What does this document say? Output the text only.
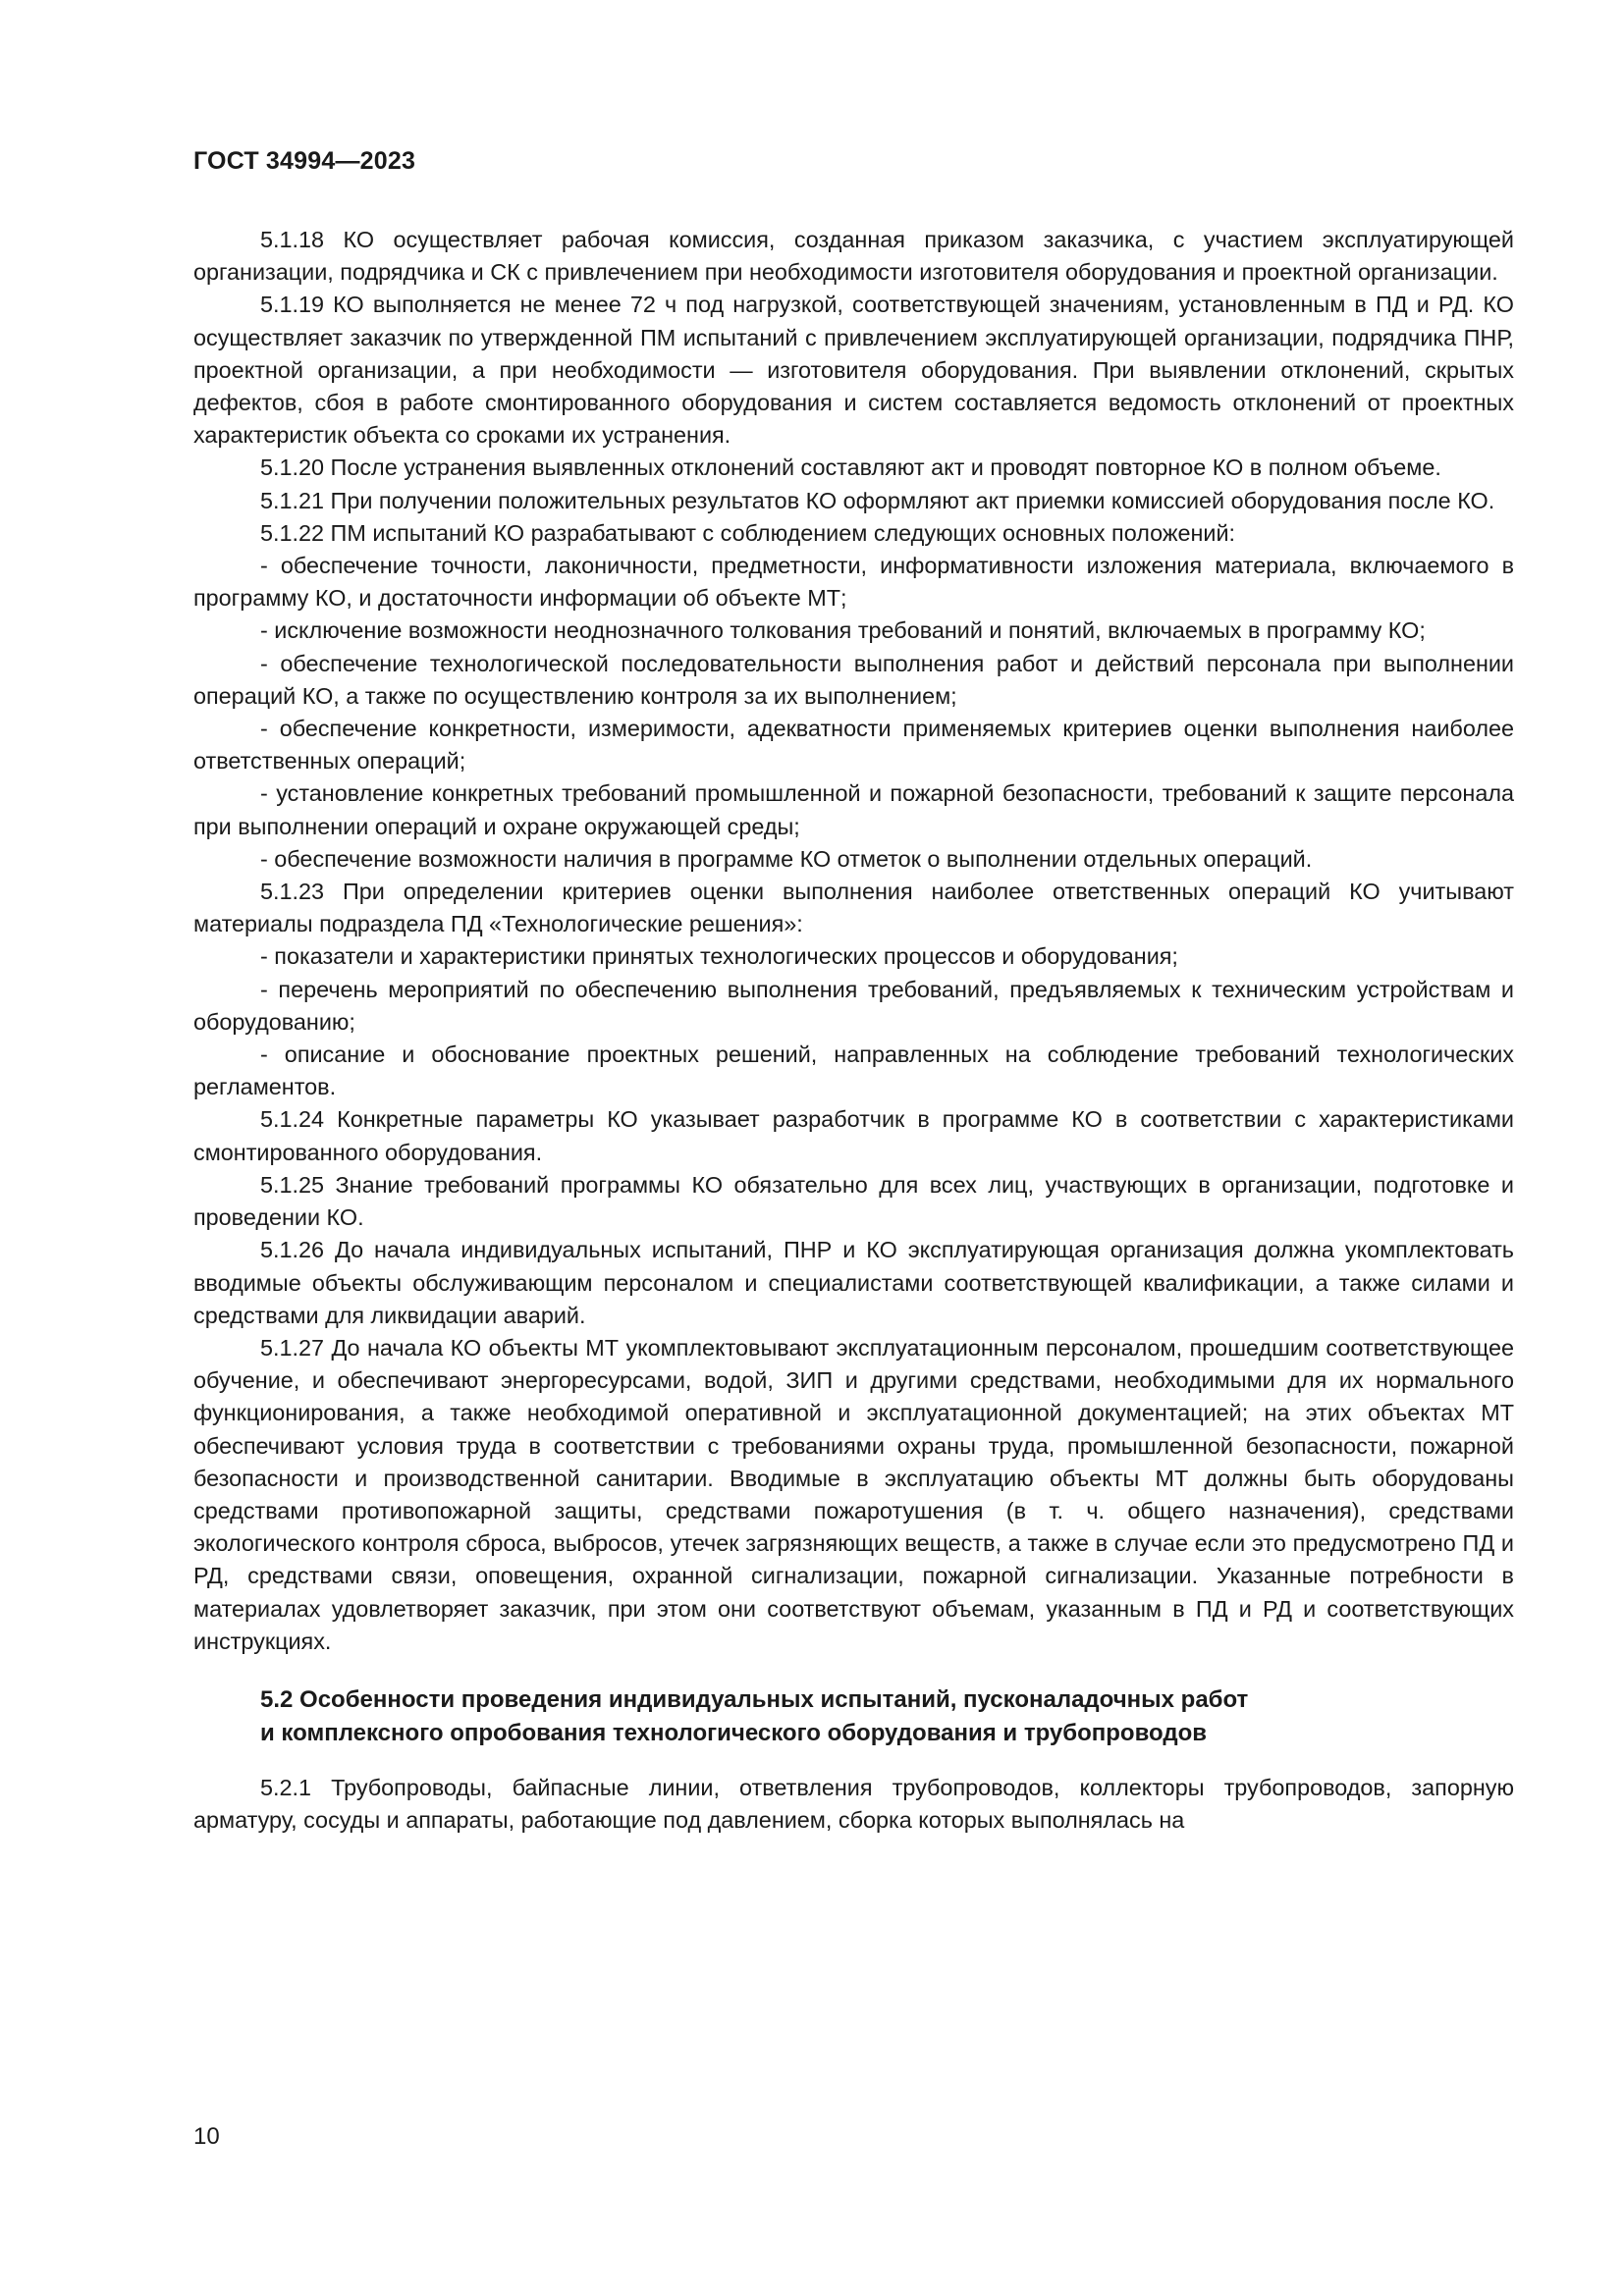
ГОСТ 34994—2023

5.1.18 КО осуществляет рабочая комиссия, созданная приказом заказчика, с участием эксплуатирующей организации, подрядчика и СК с привлечением при необходимости изготовителя оборудования и проектной организации.

5.1.19 КО выполняется не менее 72 ч под нагрузкой, соответствующей значениям, установленным в ПД и РД. КО осуществляет заказчик по утвержденной ПМ испытаний с привлечением эксплуатирующей организации, подрядчика ПНР, проектной организации, а при необходимости — изготовителя оборудования. При выявлении отклонений, скрытых дефектов, сбоя в работе смонтированного оборудования и систем составляется ведомость отклонений от проектных характеристик объекта со сроками их устранения.

5.1.20 После устранения выявленных отклонений составляют акт и проводят повторное КО в полном объеме.

5.1.21 При получении положительных результатов КО оформляют акт приемки комиссией оборудования после КО.

5.1.22 ПМ испытаний КО разрабатывают с соблюдением следующих основных положений:

- обеспечение точности, лаконичности, предметности, информативности изложения материала, включаемого в программу КО, и достаточности информации об объекте МТ;

- исключение возможности неоднозначного толкования требований и понятий, включаемых в программу КО;

- обеспечение технологической последовательности выполнения работ и действий персонала при выполнении операций КО, а также по осуществлению контроля за их выполнением;

- обеспечение конкретности, измеримости, адекватности применяемых критериев оценки выполнения наиболее ответственных операций;

- установление конкретных требований промышленной и пожарной безопасности, требований к защите персонала при выполнении операций и охране окружающей среды;

- обеспечение возможности наличия в программе КО отметок о выполнении отдельных операций.

5.1.23 При определении критериев оценки выполнения наиболее ответственных операций КО учитывают материалы подраздела ПД «Технологические решения»:

- показатели и характеристики принятых технологических процессов и оборудования;

- перечень мероприятий по обеспечению выполнения требований, предъявляемых к техническим устройствам и оборудованию;

- описание и обоснование проектных решений, направленных на соблюдение требований технологических регламентов.

5.1.24 Конкретные параметры КО указывает разработчик в программе КО в соответствии с характеристиками смонтированного оборудования.

5.1.25 Знание требований программы КО обязательно для всех лиц, участвующих в организации, подготовке и проведении КО.

5.1.26 До начала индивидуальных испытаний, ПНР и КО эксплуатирующая организация должна укомплектовать вводимые объекты обслуживающим персоналом и специалистами соответствующей квалификации, а также силами и средствами для ликвидации аварий.

5.1.27 До начала КО объекты МТ укомплектовывают эксплуатационным персоналом, прошедшим соответствующее обучение, и обеспечивают энергоресурсами, водой, ЗИП и другими средствами, необходимыми для их нормального функционирования, а также необходимой оперативной и эксплуатационной документацией; на этих объектах МТ обеспечивают условия труда в соответствии с требованиями охраны труда, промышленной безопасности, пожарной безопасности и производственной санитарии. Вводимые в эксплуатацию объекты МТ должны быть оборудованы средствами противопожарной защиты, средствами пожаротушения (в т. ч. общего назначения), средствами экологического контроля сброса, выбросов, утечек загрязняющих веществ, а также в случае если это предусмотрено ПД и РД, средствами связи, оповещения, охранной сигнализации, пожарной сигнализации. Указанные потребности в материалах удовлетворяет заказчик, при этом они соответствуют объемам, указанным в ПД и РД и соответствующих инструкциях.

5.2 Особенности проведения индивидуальных испытаний, пусконаладочных работ
и комплексного опробования технологического оборудования и трубопроводов

5.2.1 Трубопроводы, байпасные линии, ответвления трубопроводов, коллекторы трубопроводов, запорную арматуру, сосуды и аппараты, работающие под давлением, сборка которых выполнялась на

10
